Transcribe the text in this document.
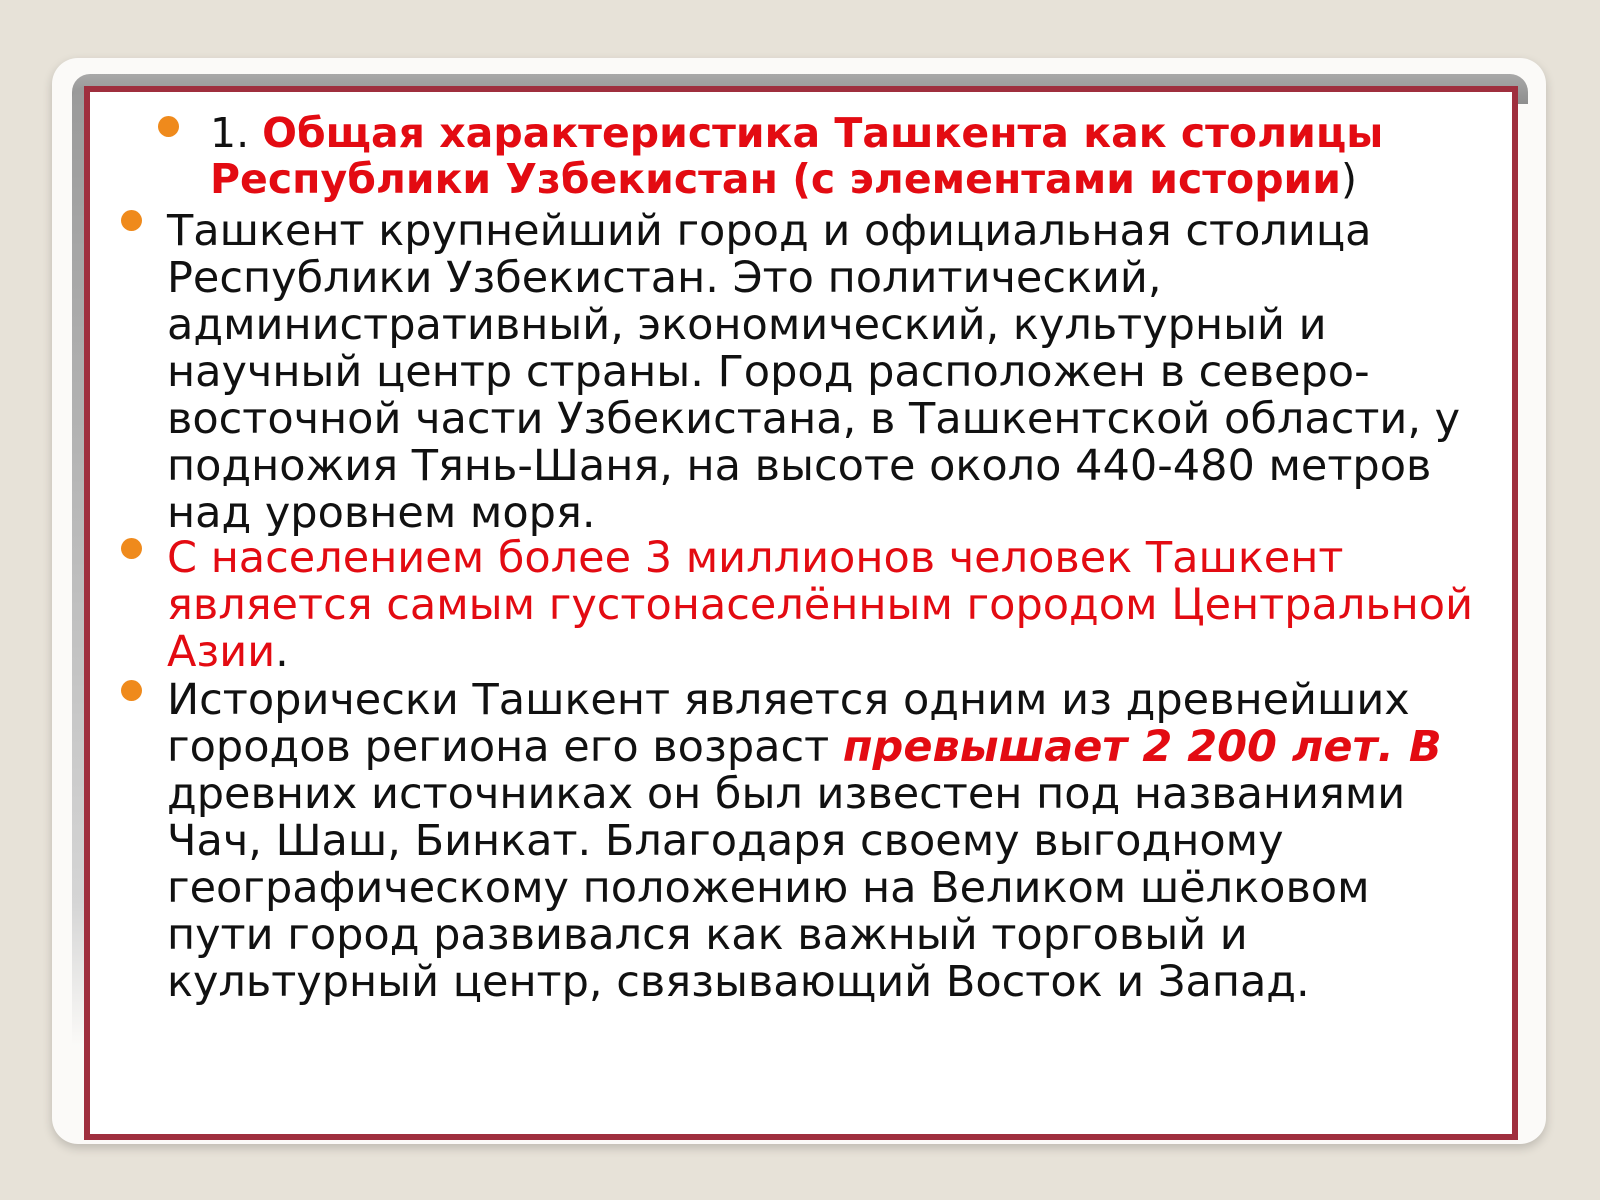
1. Общая характеристика Ташкента как столицы Республики Узбекистан (с элементами истории)
Ташкент крупнейший город и официальная столица Республики Узбекистан. Это политический, административный, экономический, культурный и научный центр страны. Город расположен в северо-восточной части Узбекистана, в Ташкентской области, у подножия Тянь-Шаня, на высоте около 440-480 метров над уровнем моря.
С населением более 3 миллионов человек Ташкент является самым густонаселённым городом Центральной Азии.
Исторически Ташкент является одним из древнейших городов региона его возраст превышает 2 200 лет. В древних источниках он был известен под названиями Чач, Шаш, Бинкат. Благодаря своему выгодному географическому положению на Великом шёлковом пути город развивался как важный торговый и культурный центр, связывающий Восток и Запад.
